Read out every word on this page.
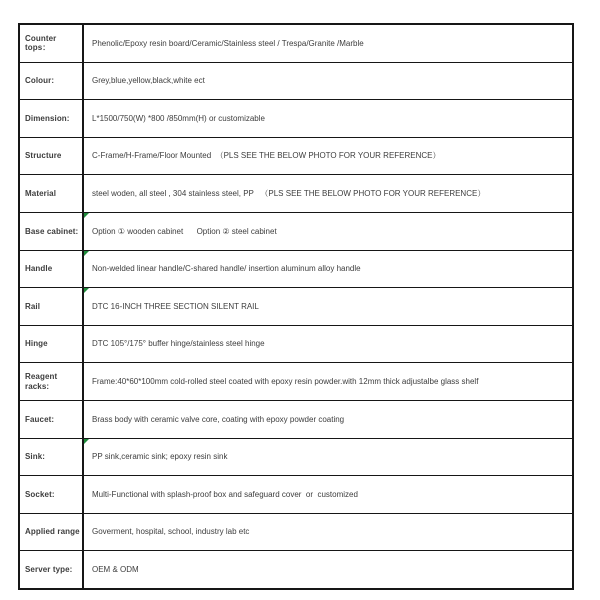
Counter tops：
Phenolic/Epoxy resin board/Ceramic/Stainless steel / Trespa/Granite /Marble
Colour:	Grey,blue,yellow,black,white ect
Dimension:	L*1500/750(W) *800 /850mm(H) or customizable
Structure	C-Frame/H-Frame/Floor Mounted  （PLS SEE THE BELOW PHOTO FOR YOUR REFERENCE）
Material	steel woden, all steel , 304 stainless steel, PP   （PLS SEE THE BELOW PHOTO FOR YOUR REFERENCE）
Base cabinet:	Option ① wooden cabinet      Option ② steel cabinet
Handle	Non-welded linear handle/C-shared handle/ insertion aluminum alloy handle
Rail	DTC 16-INCH THREE SECTION SILENT RAIL
Hinge	DTC 105°/175° buffer hinge/stainless steel hinge
Reagent racks:
Frame:40*60*100mm cold-rolled steel coated with epoxy resin powder.with 12mm thick adjustalbe glass shelf
Faucet:	Brass body with ceramic valve core, coating with epoxy powder coating
Sink:	PP sink,ceramic sink; epoxy resin sink
Socket:	Multi-Functional with splash-proof box and safeguard cover  or  customized
Applied range	Goverment, hospital, school, industry lab etc
Server type:	OEM & ODM
